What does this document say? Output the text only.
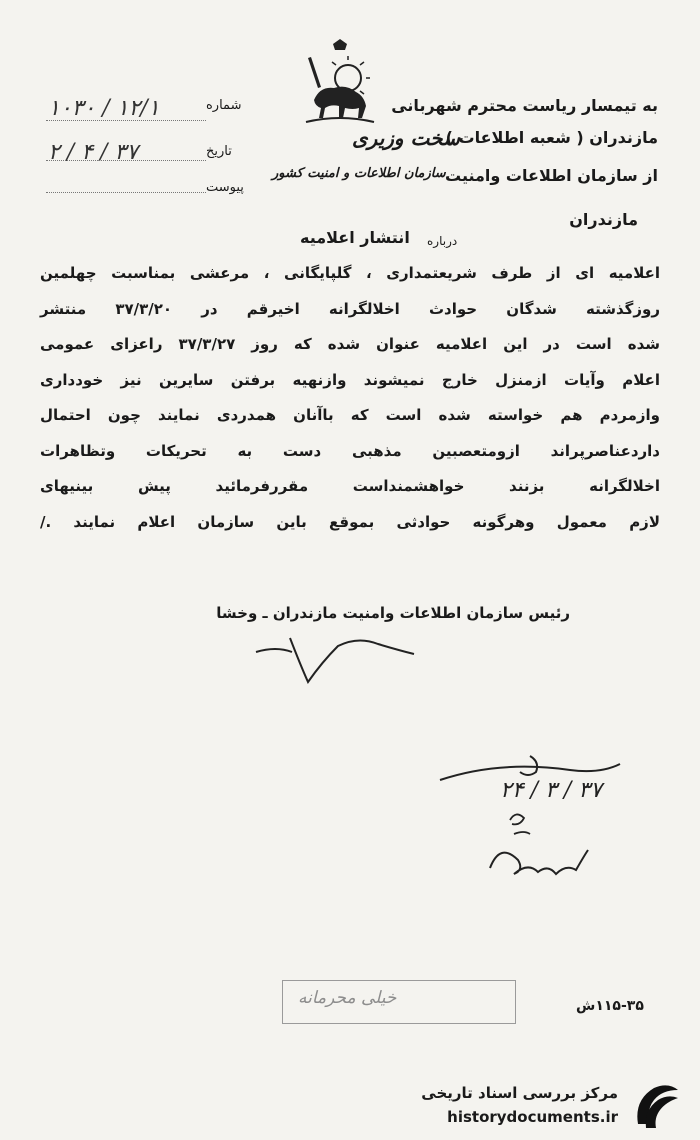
به تیمسار ریاست محترم شهربانی
مازندران ( شعبه اطلاعات )
سخت وزیری
از سازمان اطلاعات وامنیت
سازمان اطلاعات و امنیت کشور
مازندران
درباره
انتشار اعلامیه
شماره
۱۰۳۰ / ۱۲/۱
تاریخ
۲ / ۴ / ۳۷
پیوست
اعلامیه ای از طرف شریعتمداری ، گلپایگانی ، مرعشی بمناسبت چهلمین
روزگذشته شدگان حوادث اخلالگرانه اخیرقم در ۳۷/۳/۲۰ منتشر
شده است در این اعلامیه عنوان شده که روز ۳۷/۳/۲۷ راعزای عمومی
اعلام وآیات ازمنزل خارج نمیشوند وازنهیه برفتن سایرین نیز خودداری
وازمردم هم خواسته شده است که باآنان همدردی نمایند چون احتمال
داردعناصرپراند ازومتعصبین مذهبی دست به تحریکات وتظاهرات
اخلالگرانه بزنند خواهشمنداست مقررفرمائید پیش بینیهای
لازم معمول وهرگونه حوادثی بموقع باین سازمان اعلام نمایند ./
رئیس سازمان اطلاعات وامنیت مازندران ـ وخشا
۲۴ / ۳ / ۳۷
خیلی محرمانه	۱۱۵-۳۵ش
مرکز بررسی اسناد تاریخی
historydocuments.ir
